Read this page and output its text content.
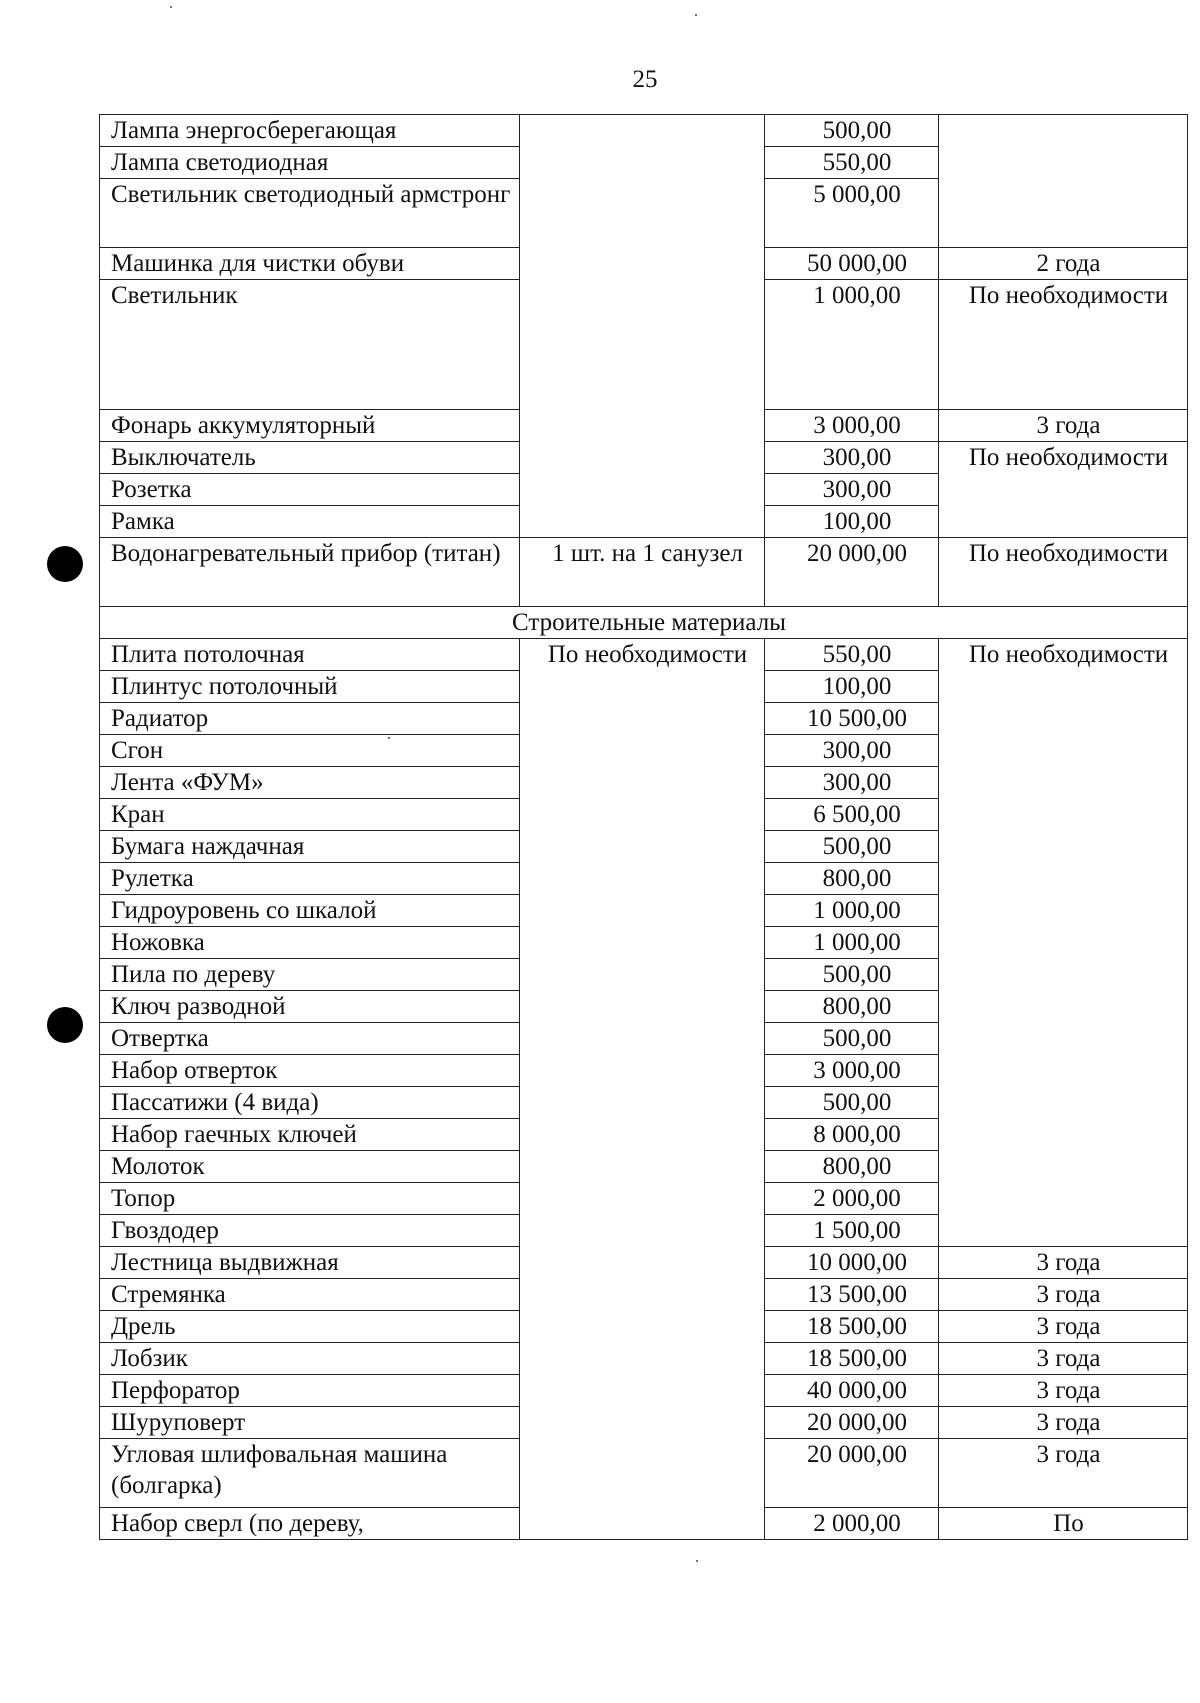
25
Лампа энергосберегающая		500,00	
Лампа светодиодная		550,00	
Светильник светодиодный армстронг		5 000,00	
Машинка для чистки обуви		50 000,00	2 года
Светильник		1 000,00	По необходимости
Фонарь аккумуляторный		3 000,00	3 года
Выключатель		300,00	По необходимости
Розетка		300,00	
Рамка		100,00	
Водонагревательный прибор (титан)	1 шт. на 1 санузел	20 000,00	По необходимости
Строительные материалы			
Плита потолочная	По необходимости	550,00	По необходимости
Плинтус потолочный		100,00	
Радиатор		10 500,00	
Сгон		300,00	
Лента «ФУМ»		300,00	
Кран		6 500,00	
Бумага наждачная		500,00	
Рулетка		800,00	
Гидроуровень со шкалой		1 000,00	
Ножовка		1 000,00	
Пила по дереву		500,00	
Ключ разводной		800,00	
Отвертка		500,00	
Набор отверток		3 000,00	
Пассатижи (4 вида)		500,00	
Набор гаечных ключей		8 000,00	
Молоток		800,00	
Топор		2 000,00	
Гвоздодер		1 500,00	
Лестница выдвижная		10 000,00	3 года
Стремянка		13 500,00	3 года
Дрель		18 500,00	3 года
Лобзик		18 500,00	3 года
Перфоратор		40 000,00	3 года
Шуруповерт		20 000,00	3 года
Угловая шлифовальная машина (болгарка)		20 000,00	3 года
Набор сверл (по дереву,		2 000,00	По
